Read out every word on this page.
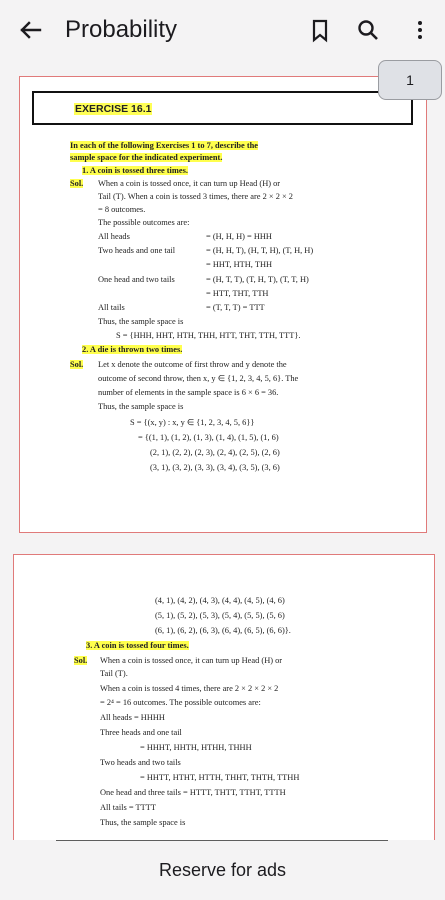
Probability
EXERCISE 16.1
In each of the following Exercises 1 to 7, describe the
sample space for the indicated experiment.
1. A coin is tossed three times.
Sol. When a coin is tossed once, it can turn up Head (H) or
Tail (T). When a coin is tossed 3 times, there are 2 × 2 × 2
= 8 outcomes.
The possible outcomes are:
All heads	= (H, H, H) = HHH
Two heads and one tail	= (H, H, T), (H, T, H), (T, H, H)
= HHT, HTH, THH
One head and two tails	= (H, T, T), (T, H, T), (T, T, H)
= HTT, THT, TTH
All tails	= (T, T, T) = TTT
Thus, the sample space is
S = {HHH, HHT, HTH, THH, HTT, THT, TTH, TTT}.
2. A die is thrown two times.
Sol. Let x denote the outcome of first throw and y denote the
outcome of second throw, then x, y ∈ {1, 2, 3, 4, 5, 6}. The
number of elements in the sample space is 6 × 6 = 36.
Thus, the sample space is
S = {(x, y) : x, y ∈ {1, 2, 3, 4, 5, 6}}
= {(1, 1), (1, 2), (1, 3), (1, 4), (1, 5), (1, 6)
(2, 1), (2, 2), (2, 3), (2, 4), (2, 5), (2, 6)
(3, 1), (3, 2), (3, 3), (3, 4), (3, 5), (3, 6)
(4, 1), (4, 2), (4, 3), (4, 4), (4, 5), (4, 6)
(5, 1), (5, 2), (5, 3), (5, 4), (5, 5), (5, 6)
(6, 1), (6, 2), (6, 3), (6, 4), (6, 5), (6, 6)}.
3. A coin is tossed four times.
Sol. When a coin is tossed once, it can turn up Head (H) or
Tail (T).
When a coin is tossed 4 times, there are 2 × 2 × 2 × 2
= 2⁴ = 16 outcomes. The possible outcomes are:
All heads = HHHH
Three heads and one tail
= HHHT, HHTH, HTHH, THHH
Two heads and two tails
= HHTT, HTHT, HTTH, THHT, THTH, TTHH
One head and three tails = HTTT, THTT, TTHT, TTTH
All tails = TTTT
Thus, the sample space is
1
Reserve for ads
